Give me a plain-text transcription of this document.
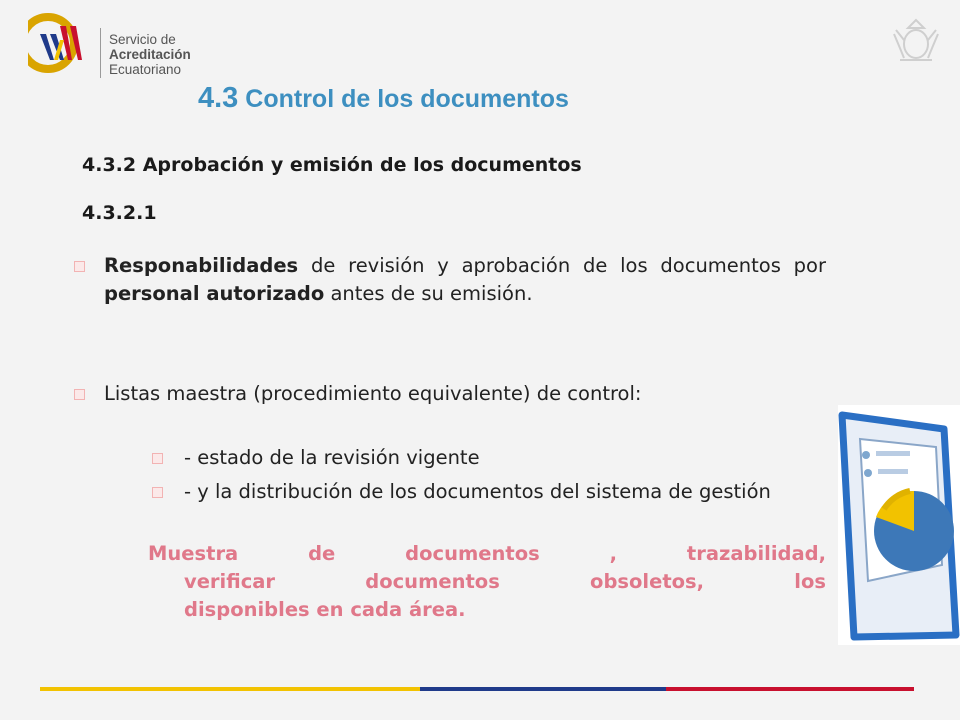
Servicio de
Acreditación
Ecuatoriano
4.3 Control de los documentos
4.3.2 Aprobación y emisión de los documentos
4.3.2.1
Responabilidades de revisión y aprobación de los documentos por personal autorizado antes de su emisión.
Listas maestra (procedimiento equivalente) de control:
- estado de la revisión vigente
- y la distribución de los documentos del sistema de gestión
Muestra de documentos , trazabilidad,
verificar documentos obsoletos, los
disponibles en cada área.
